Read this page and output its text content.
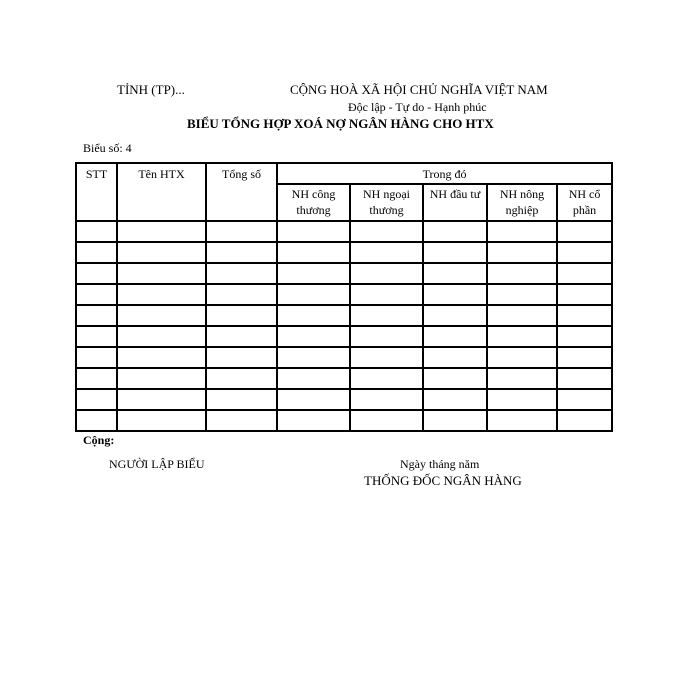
TỈNH (TP)...	CỘNG HOÀ XÃ HỘI CHỦ NGHĨA VIỆT NAM
Độc lập - Tự do - Hạnh phúc
BIỂU TỔNG HỢP XOÁ NỢ NGÂN HÀNG CHO HTX
Biểu số: 4
STT	Tên HTX	Tổng số	Trong đó				
			NH công thương	NH ngoại thương	NH đầu tư	NH nông nghiệp	NH cổ phần

Cộng:
NGƯỜI LẬP BIỂU	Ngày tháng năm
THỐNG ĐỐC NGÂN HÀNG
